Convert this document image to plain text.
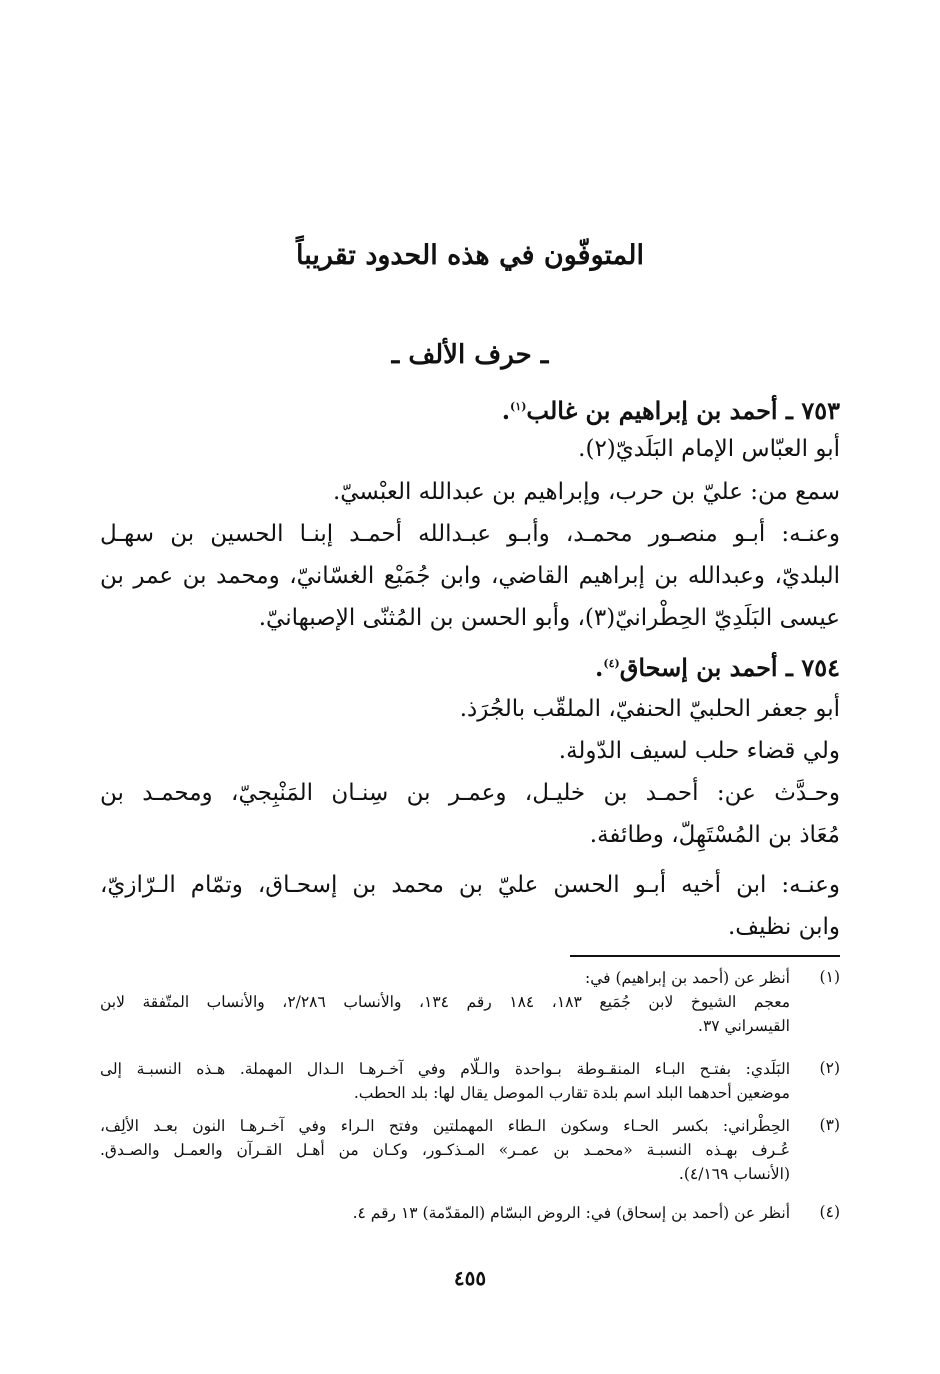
المتوفّون في هذه الحدود تقريباً
ـ حرف الألف ـ
٧٥٣ ـ أحمد بن إبراهيم بن غالب$^{(١)}$.
أبو العبّاس الإمام البَلَديّ(٢).
سمع من: عليّ بن حرب، وإبراهيم بن عبدالله العبْسيّ.
وعنـه: أبـو منصـور محمـد، وأبـو عبـدالله أحمـد إبنـا الحسين بن سهـل
البلديّ، وعبدالله بن إبراهيم القاضي، وابن جُمَيْع الغسّانيّ، ومحمد بن عمر بن
عيسى البَلَدِيّ الحِطْرانيّ(٣)، وأبو الحسن بن المُثنّى الإصبهانيّ.
٧٥٤ ـ أحمد بن إسحاق$^{(٤)}$.
أبو جعفر الحلبيّ الحنفيّ، الملقّب بالجُرَذ.
ولي قضاء حلب لسيف الدّولة.
وحـدَّث عن: أحمـد بن خليـل، وعمـر بن سِنـان المَنْبِجيّ، ومحمـد بن
مُعَاذ بن المُسْتَهِلّ، وطائفة.
وعنـه: ابن أخيه أبـو الحسن عليّ بن محمد بن إسحـاق، وتمّام الـرّازيّ،
وابن نظيف.
(١)
أنظر عن (أحمد بن إبراهيم) في:
معجم الشيوخ لابن جُمَيع ١٨٣، ١٨٤ رقم ١٣٤، والأنساب ٢/٢٨٦، والأنساب المتّفقة لابن
القيسراني ٣٧.
(٢)
البَلَدي: بفتـح البـاء المنقـوطة بـواحدة والـلّام وفي آخـرهـا الـدال المهملة. هـذه النسبـة إلى
موضعين أحدهما البلد اسم بلدة تقارب الموصل يقال لها: بلد الحطب.
(٣)
الحِطْراني: بكسر الحـاء وسكون الـطاء المهملتين وفتح الـراء وفي آخـرهـا النون بعـد الألِف،
عُـرف بهـذه النسبـة «محمـد بن عمـر» المـذكـور، وكـان من أهـل القـرآن والعمـل والصـدق.
(الأنساب ٤/١٦٩).
(٤)
أنظر عن (أحمد بن إسحاق) في: الروض البسّام (المقدّمة) ١٣ رقم ٤.
٤٥٥
